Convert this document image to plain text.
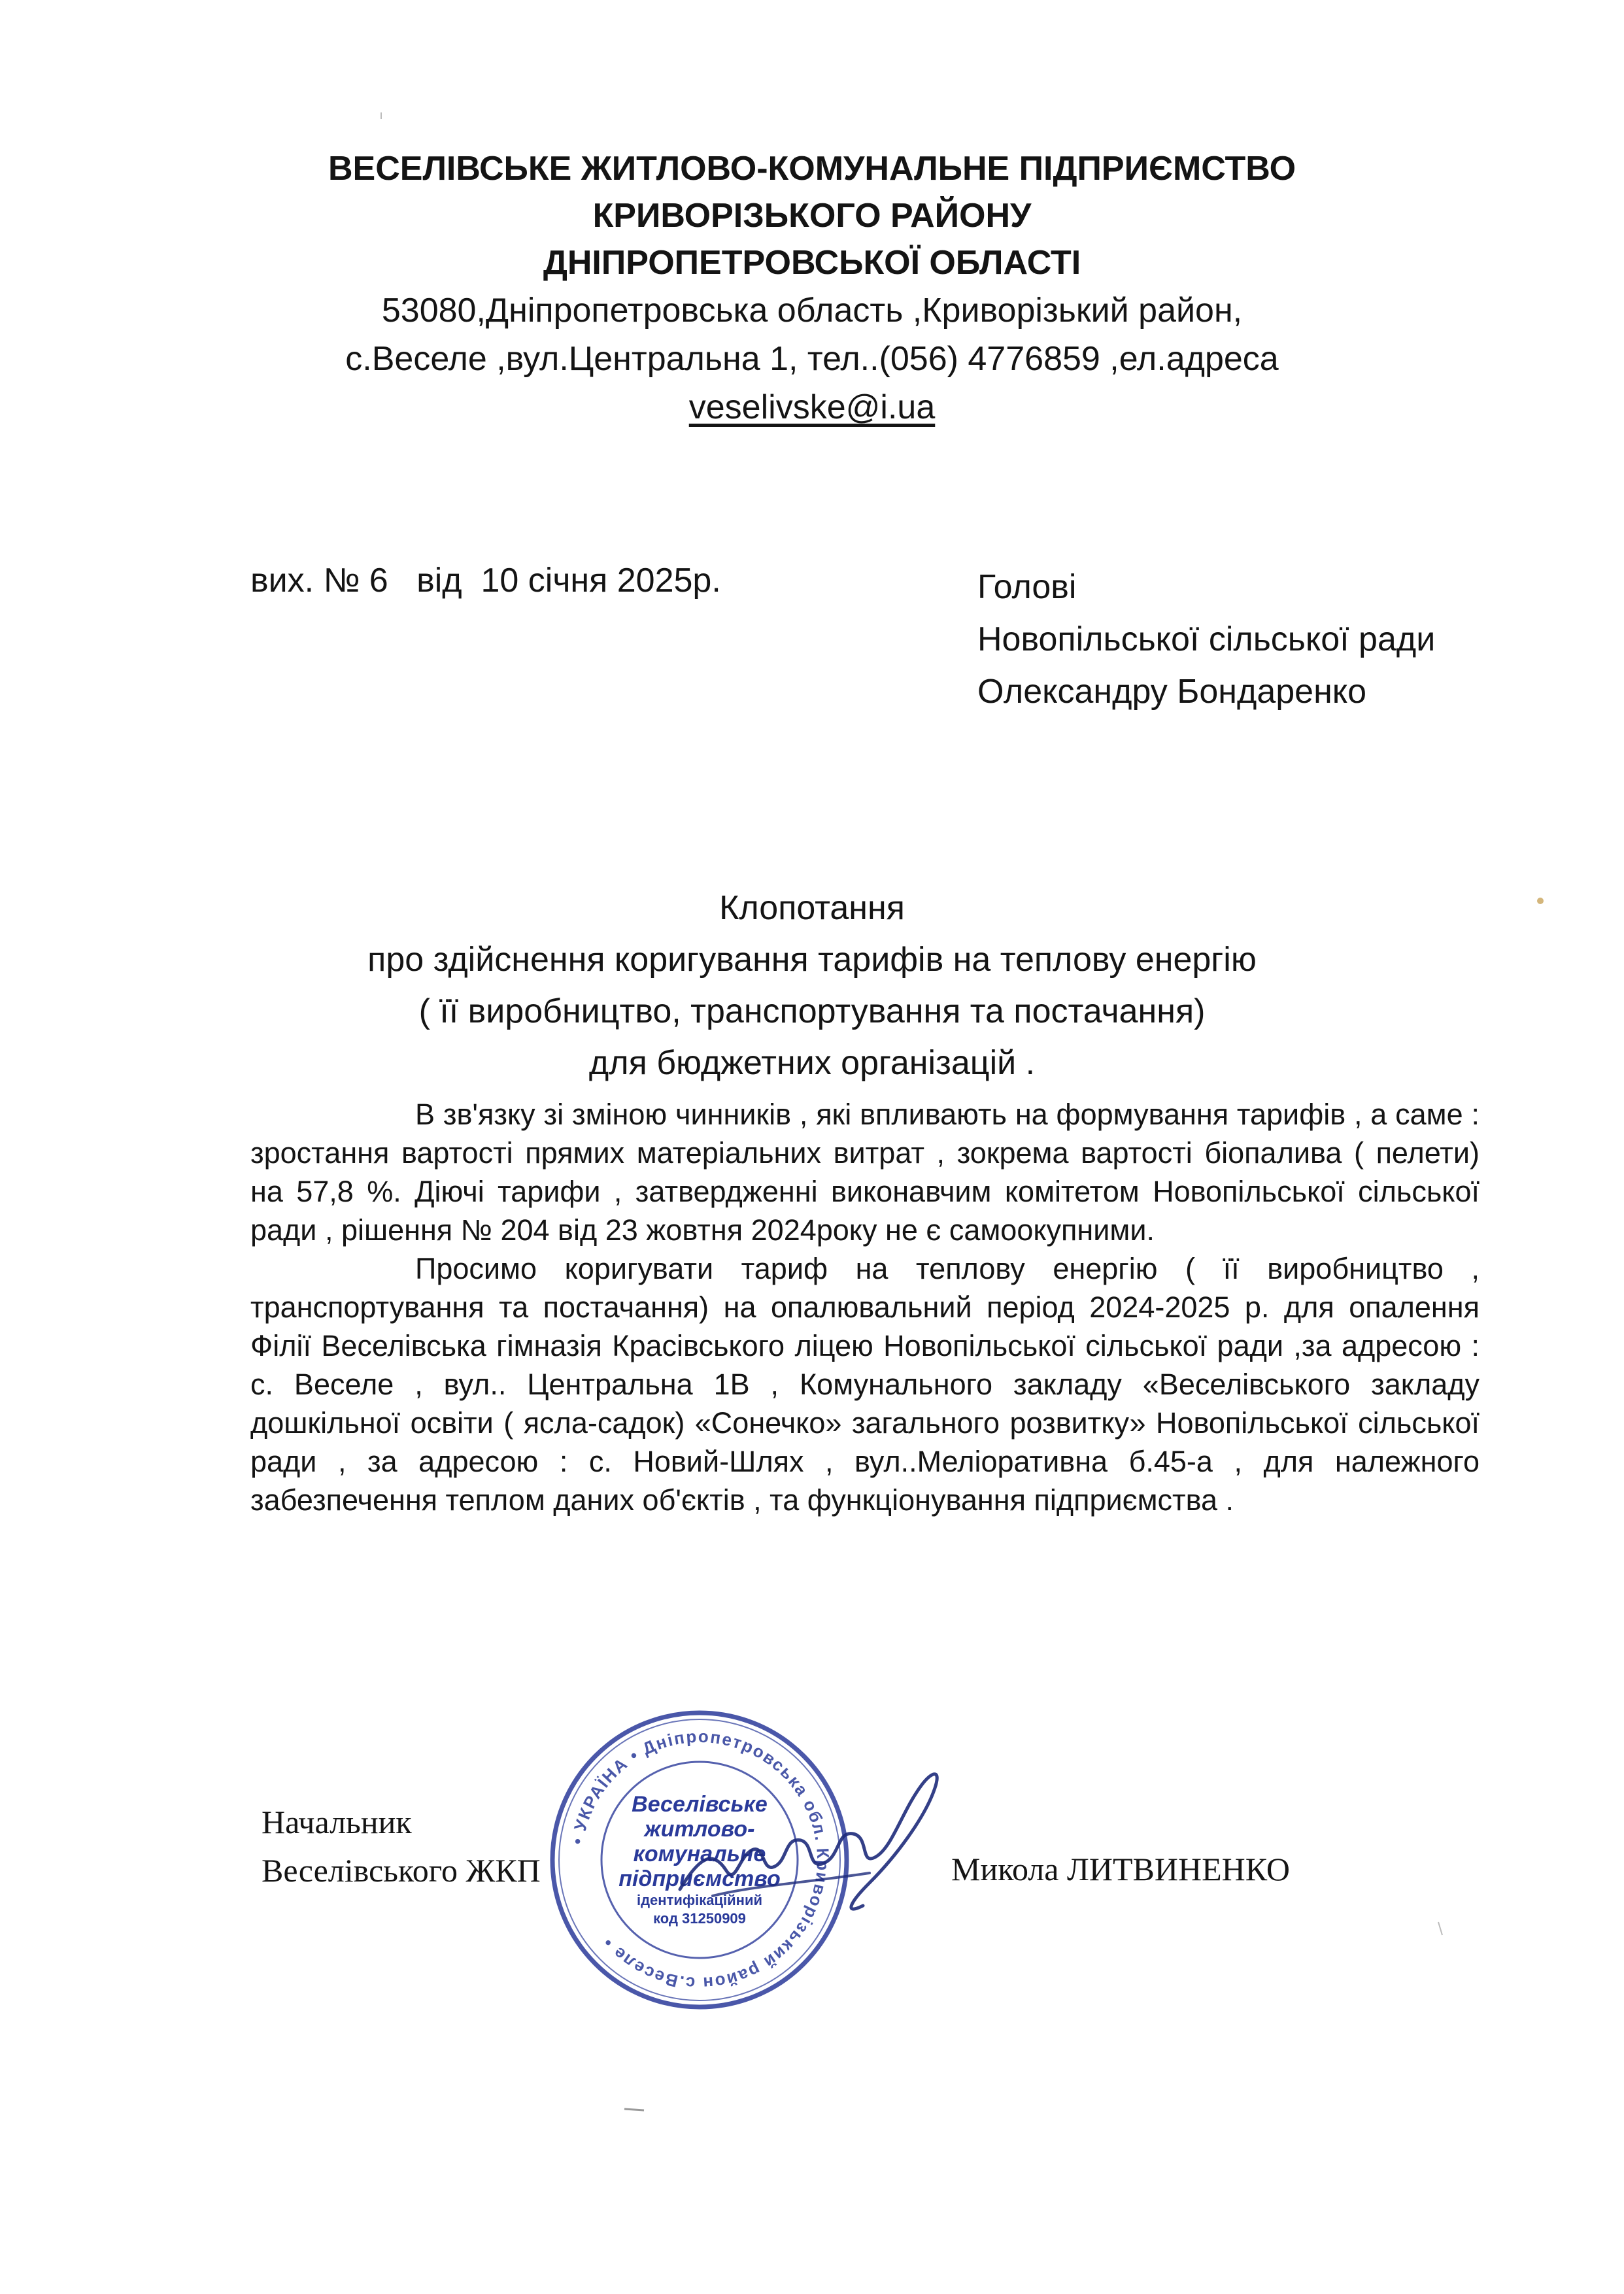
ВЕСЕЛІВСЬКЕ ЖИТЛОВО-КОМУНАЛЬНЕ ПІДПРИЄМСТВО
КРИВОРІЗЬКОГО РАЙОНУ
ДНІПРОПЕТРОВСЬКОЇ ОБЛАСТІ
53080,Дніпропетровська область ,Криворізький район,
с.Веселе ,вул.Центральна 1, тел..(056) 4776859 ,ел.адреса
veselivske@i.ua
вих. № 6 від 10 січня 2025р.	Голові
Новопільської сільської ради
Олександру Бондаренко
Клопотання
про здійснення коригування тарифів на теплову енергію
( її виробництво, транспортування та постачання)
для бюджетних організацій .

В зв'язку зі зміною чинників , які впливають на формування тарифів , а саме : зростання вартості прямих матеріальних витрат , зокрема вартості біопалива ( пелети) на 57,8 %. Діючі тарифи , затвердженні виконавчим комітетом Новопільської сільської ради , рішення № 204 від 23 жовтня 2024року не є самоокупними.

Просимо коригувати тариф на теплову енергію ( її виробництво , транспортування та постачання) на опалювальний період 2024-2025 р. для опалення Філії Веселівська гімназія Красівського ліцею Новопільської сільської ради ,за адресою : с. Веселе , вул.. Центральна 1В , Комунального закладу «Веселівського закладу дошкільної освіти ( ясла-садок) «Сонечко» загального розвитку» Новопільської сільської ради , за адресою : с. Новий-Шлях , вул..Меліоративна б.45-а , для належного забезпечення теплом даних об'єктів , та функціонування підприємства .

Начальник
Веселівського ЖКП
• УКРАЇНА • Дніпропетровська обл. Криворізький район с.Веселе •
Веселівське
житлово-
комунальне
підприємство
ідентифікаційний
код 31250909
Микола ЛИТВИНЕНКО
